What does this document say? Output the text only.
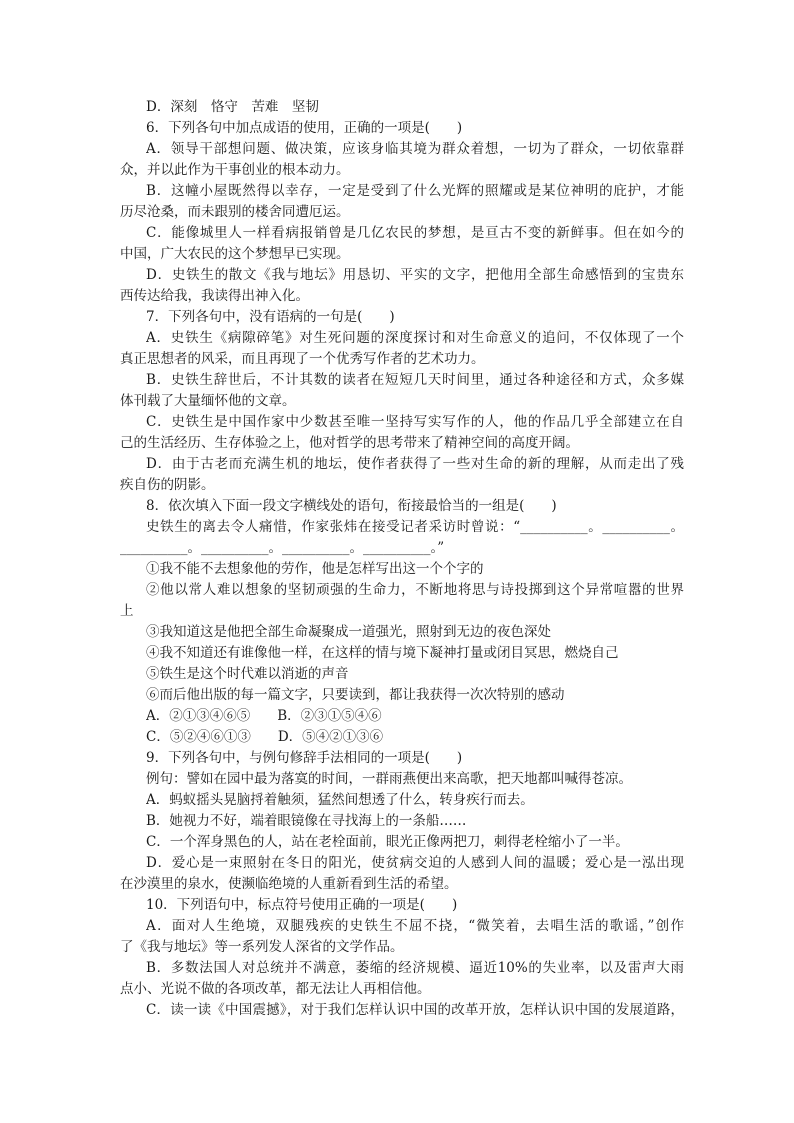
D．深刻　恪守　苦难　坚韧
6．下列各句中加点成语的使用，正确的一项是(　　)
A．领导干部想问题、做决策，应该身临其境为群众着想，一切为了群众，一切依靠群
众，并以此作为干事创业的根本动力。
B．这幢小屋既然得以幸存，一定是受到了什么光辉的照耀或是某位神明的庇护，才能
历尽沧桑，而未跟别的楼舍同遭厄运。
C．能像城里人一样看病报销曾是几亿农民的梦想，是亘古不变的新鲜事。但在如今的
中国，广大农民的这个梦想早已实现。
D．史铁生的散文《我与地坛》用恳切、平实的文字，把他用全部生命感悟到的宝贵东
西传达给我，我读得出神入化。
7．下列各句中，没有语病的一句是(　　)
A．史铁生《病隙碎笔》对生死问题的深度探讨和对生命意义的追问，不仅体现了一个
真正思想者的风采，而且再现了一个优秀写作者的艺术功力。
B．史铁生辞世后，不计其数的读者在短短几天时间里，通过各种途径和方式，众多媒
体刊载了大量缅怀他的文章。
C．史铁生是中国作家中少数甚至唯一坚持写实写作的人，他的作品几乎全部建立在自
己的生活经历、生存体验之上，他对哲学的思考带来了精神空间的高度开阔。
D．由于古老而充满生机的地坛，使作者获得了一些对生命的新的理解，从而走出了残
疾自伤的阴影。
8．依次填入下面一段文字横线处的语句，衔接最恰当的一组是(　　)
史铁生的离去令人痛惜，作家张炜在接受记者采访时曾说：“__________。__________。
__________。__________。__________。__________。”
①我不能不去想象他的劳作，他是怎样写出这一个个字的
②他以常人难以想象的坚韧顽强的生命力，不断地将思与诗投掷到这个异常喧嚣的世界
上
③我知道这是他把全部生命凝聚成一道强光，照射到无边的夜色深处
④我不知道还有谁像他一样，在这样的情与境下凝神打量或闭目冥思，燃烧自己
⑤铁生是这个时代难以消逝的声音
⑥而后他出版的每一篇文字，只要读到，都让我获得一次次特别的感动
A．②①③④⑥⑤　　B．②③①⑤④⑥
C．⑤②④⑥①③　　D．⑤④②①③⑥
9．下列各句中，与例句修辞手法相同的一项是(　　)
例句：譬如在园中最为落寞的时间，一群雨燕便出来高歌，把天地都叫喊得苍凉。
A．蚂蚁摇头晃脑捋着触须，猛然间想透了什么，转身疾行而去。
B．她视力不好，端着眼镜像在寻找海上的一条船……
C．一个浑身黑色的人，站在老栓面前，眼光正像两把刀，刺得老栓缩小了一半。
D．爱心是一束照射在冬日的阳光，使贫病交迫的人感到人间的温暖；爱心是一泓出现
在沙漠里的泉水，使濒临绝境的人重新看到生活的希望。
10．下列语句中，标点符号使用正确的一项是(　　)
A．面对人生绝境，双腿残疾的史铁生不屈不挠，“微笑着，去唱生活的歌谣，”创作
了《我与地坛》等一系列发人深省的文学作品。
B．多数法国人对总统并不满意，萎缩的经济规模、逼近10%的失业率，以及雷声大雨
点小、光说不做的各项改革，都无法让人再相信他。
C．读一读《中国震撼》，对于我们怎样认识中国的改革开放，怎样认识中国的发展道路，
